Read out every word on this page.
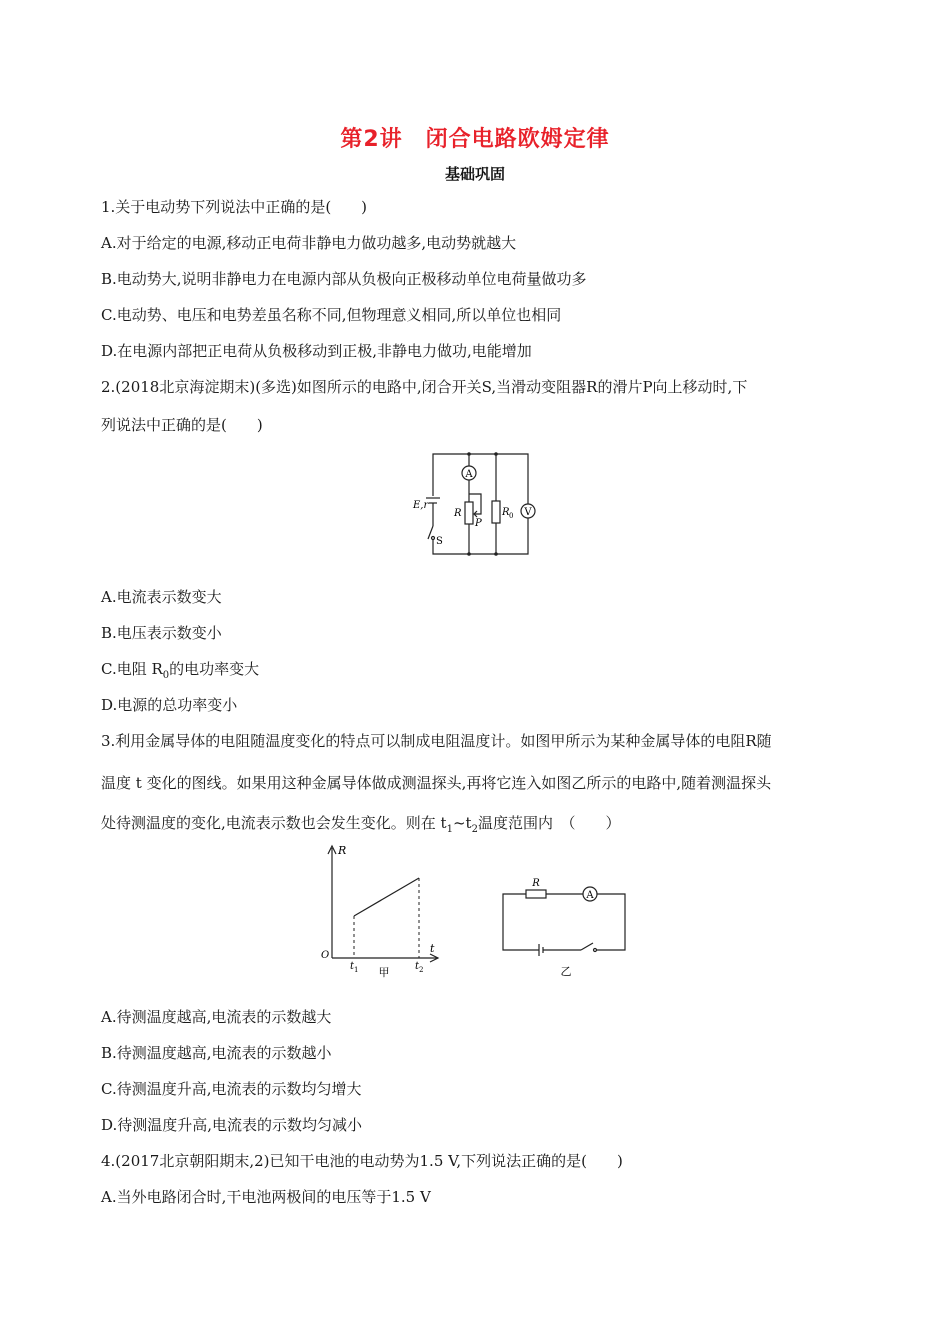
第2讲　闭合电路欧姆定律
基础巩固
1.关于电动势下列说法中正确的是(　　)
A.对于给定的电源,移动正电荷非静电力做功越多,电动势就越大
B.电动势大,说明非静电力在电源内部从负极向正极移动单位电荷量做功多
C.电动势、电压和电势差虽名称不同,但物理意义相同,所以单位也相同
D.在电源内部把正电荷从负极移动到正极,非静电力做功,电能增加
2.(2018北京海淀期末)(多选)如图所示的电路中,闭合开关S,当滑动变阻器R的滑片P向上移动时,下
列说法中正确的是(　　)
A
V
E,r
S
R
P
R 0
A.电流表示数变大
B.电压表示数变小
C.电阻 $R_0$的电功率变大
D.电源的总功率变小
3.利用金属导体的电阻随温度变化的特点可以制成电阻温度计。如图甲所示为某种金属导体的电阻R随
温度 t 变化的图线。如果用这种金属导体做成测温探头,再将它连入如图乙所示的电路中,随着测温探头
处待测温度的变化,电流表示数也会发生变化。则在 $t_1\sim t_2$温度范围内　（　　）
R
t
O
t 1	t 2
甲
R
A
乙
A.待测温度越高,电流表的示数越大
B.待测温度越高,电流表的示数越小
C.待测温度升高,电流表的示数均匀增大
D.待测温度升高,电流表的示数均匀减小
4.(2017北京朝阳期末,2)已知干电池的电动势为1.5 V,下列说法正确的是(　　)
A.当外电路闭合时,干电池两极间的电压等于1.5 V
